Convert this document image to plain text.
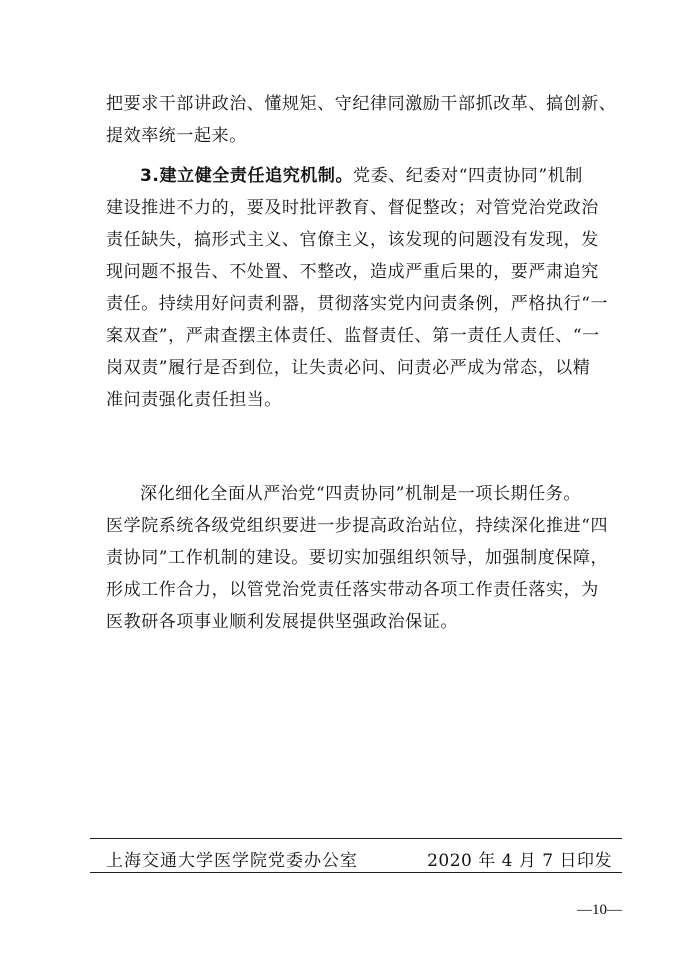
把要求干部讲政治、懂规矩、守纪律同激励干部抓改革、搞创新、
提效率统一起来。
3.建立健全责任追究机制。党委、纪委对“四责协同”机制
建设推进不力的，要及时批评教育、督促整改；对管党治党政治
责任缺失，搞形式主义、官僚主义，该发现的问题没有发现，发
现问题不报告、不处置、不整改，造成严重后果的，要严肃追究
责任。持续用好问责利器，贯彻落实党内问责条例，严格执行“一
案双查”，严肃查摆主体责任、监督责任、第一责任人责任、“一
岗双责”履行是否到位，让失责必问、问责必严成为常态，以精
准问责强化责任担当。
深化细化全面从严治党“四责协同”机制是一项长期任务。
医学院系统各级党组织要进一步提高政治站位，持续深化推进“四
责协同”工作机制的建设。要切实加强组织领导，加强制度保障，
形成工作合力，以管党治党责任落实带动各项工作责任落实，为
医教研各项事业顺利发展提供坚强政治保证。
上海交通大学医学院党委办公室	2020 年 4 月 7 日印发
—10—
